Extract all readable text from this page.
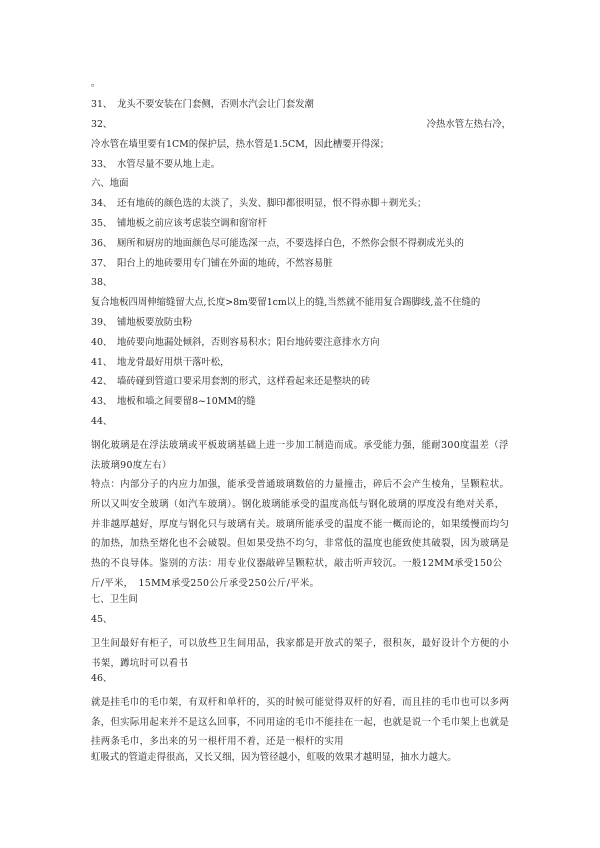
。
31、　龙头不要安装在门套侧，否则水汽会让门套发潮
32、	冷热水管左热右冷，
冷水管在墙里要有1CM的保护层，热水管是1.5CM，因此槽要开得深；
33、　水管尽量不要从地上走。
六、地面
34、　还有地砖的颜色选的太淡了，头发、脚印都很明显，恨不得赤脚＋剃光头；
35、　铺地板之前应该考虑装空调和窗帘杆
36、　厕所和厨房的地面颜色尽可能选深一点，不要选择白色，不然你会恨不得剃成光头的
37、　阳台上的地砖要用专门铺在外面的地砖，不然容易脏
38、
复合地板四周伸缩缝留大点,长度>8m要留1cm以上的缝,当然就不能用复合踢脚线,盖不住缝的
39、　铺地板要放防虫粉
40、　地砖要向地漏处倾斜，否则容易积水；阳台地砖要注意排水方向
41、　地龙骨最好用烘干落叶松，
42、　墙砖碰到管道口要采用套割的形式，这样看起来还是整块的砖
43、　地板和墙之间要留8~10MM的缝
44、
钢化玻璃是在浮法玻璃或平板玻璃基础上进一步加工制造而成。承受能力强，能耐300度温差（浮法玻璃90度左右）
特点：内部分子的内应力加强，能承受普通玻璃数倍的力量撞击，碎后不会产生棱角，呈颗粒状。所以又叫安全玻璃（如汽车玻璃）。钢化玻璃能承受的温度高低与钢化玻璃的厚度没有绝对关系，并非越厚越好，厚度与钢化只与玻璃有关。玻璃所能承受的温度不能一概而论的，如果缓慢而均匀的加热，加热至熔化也不会破裂。但如果受热不均匀，非常低的温度也能致使其破裂，因为玻璃是热的不良导体。鉴别的方法：用专业仪器敲碎呈颗粒状，敲击听声较沉。一般12MM承受150公斤/平米，　15MM承受250公斤承受250公斤/平米。
七、卫生间
45、
卫生间最好有柜子，可以放些卫生间用品，我家都是开放式的架子，很积灰，最好设计个方便的小书架，蹲坑时可以看书
46、
就是挂毛巾的毛巾架，有双杆和单杆的，买的时候可能觉得双杆的好看，而且挂的毛巾也可以多两条，但实际用起来并不是这么回事，不同用途的毛巾不能挂在一起，也就是说一个毛巾架上也就是挂两条毛巾，多出来的另一根杆用不着，还是一根杆的实用
虹吸式的管道走得很高，又长又细，因为管径越小，虹吸的效果才越明显，抽水力越大。
